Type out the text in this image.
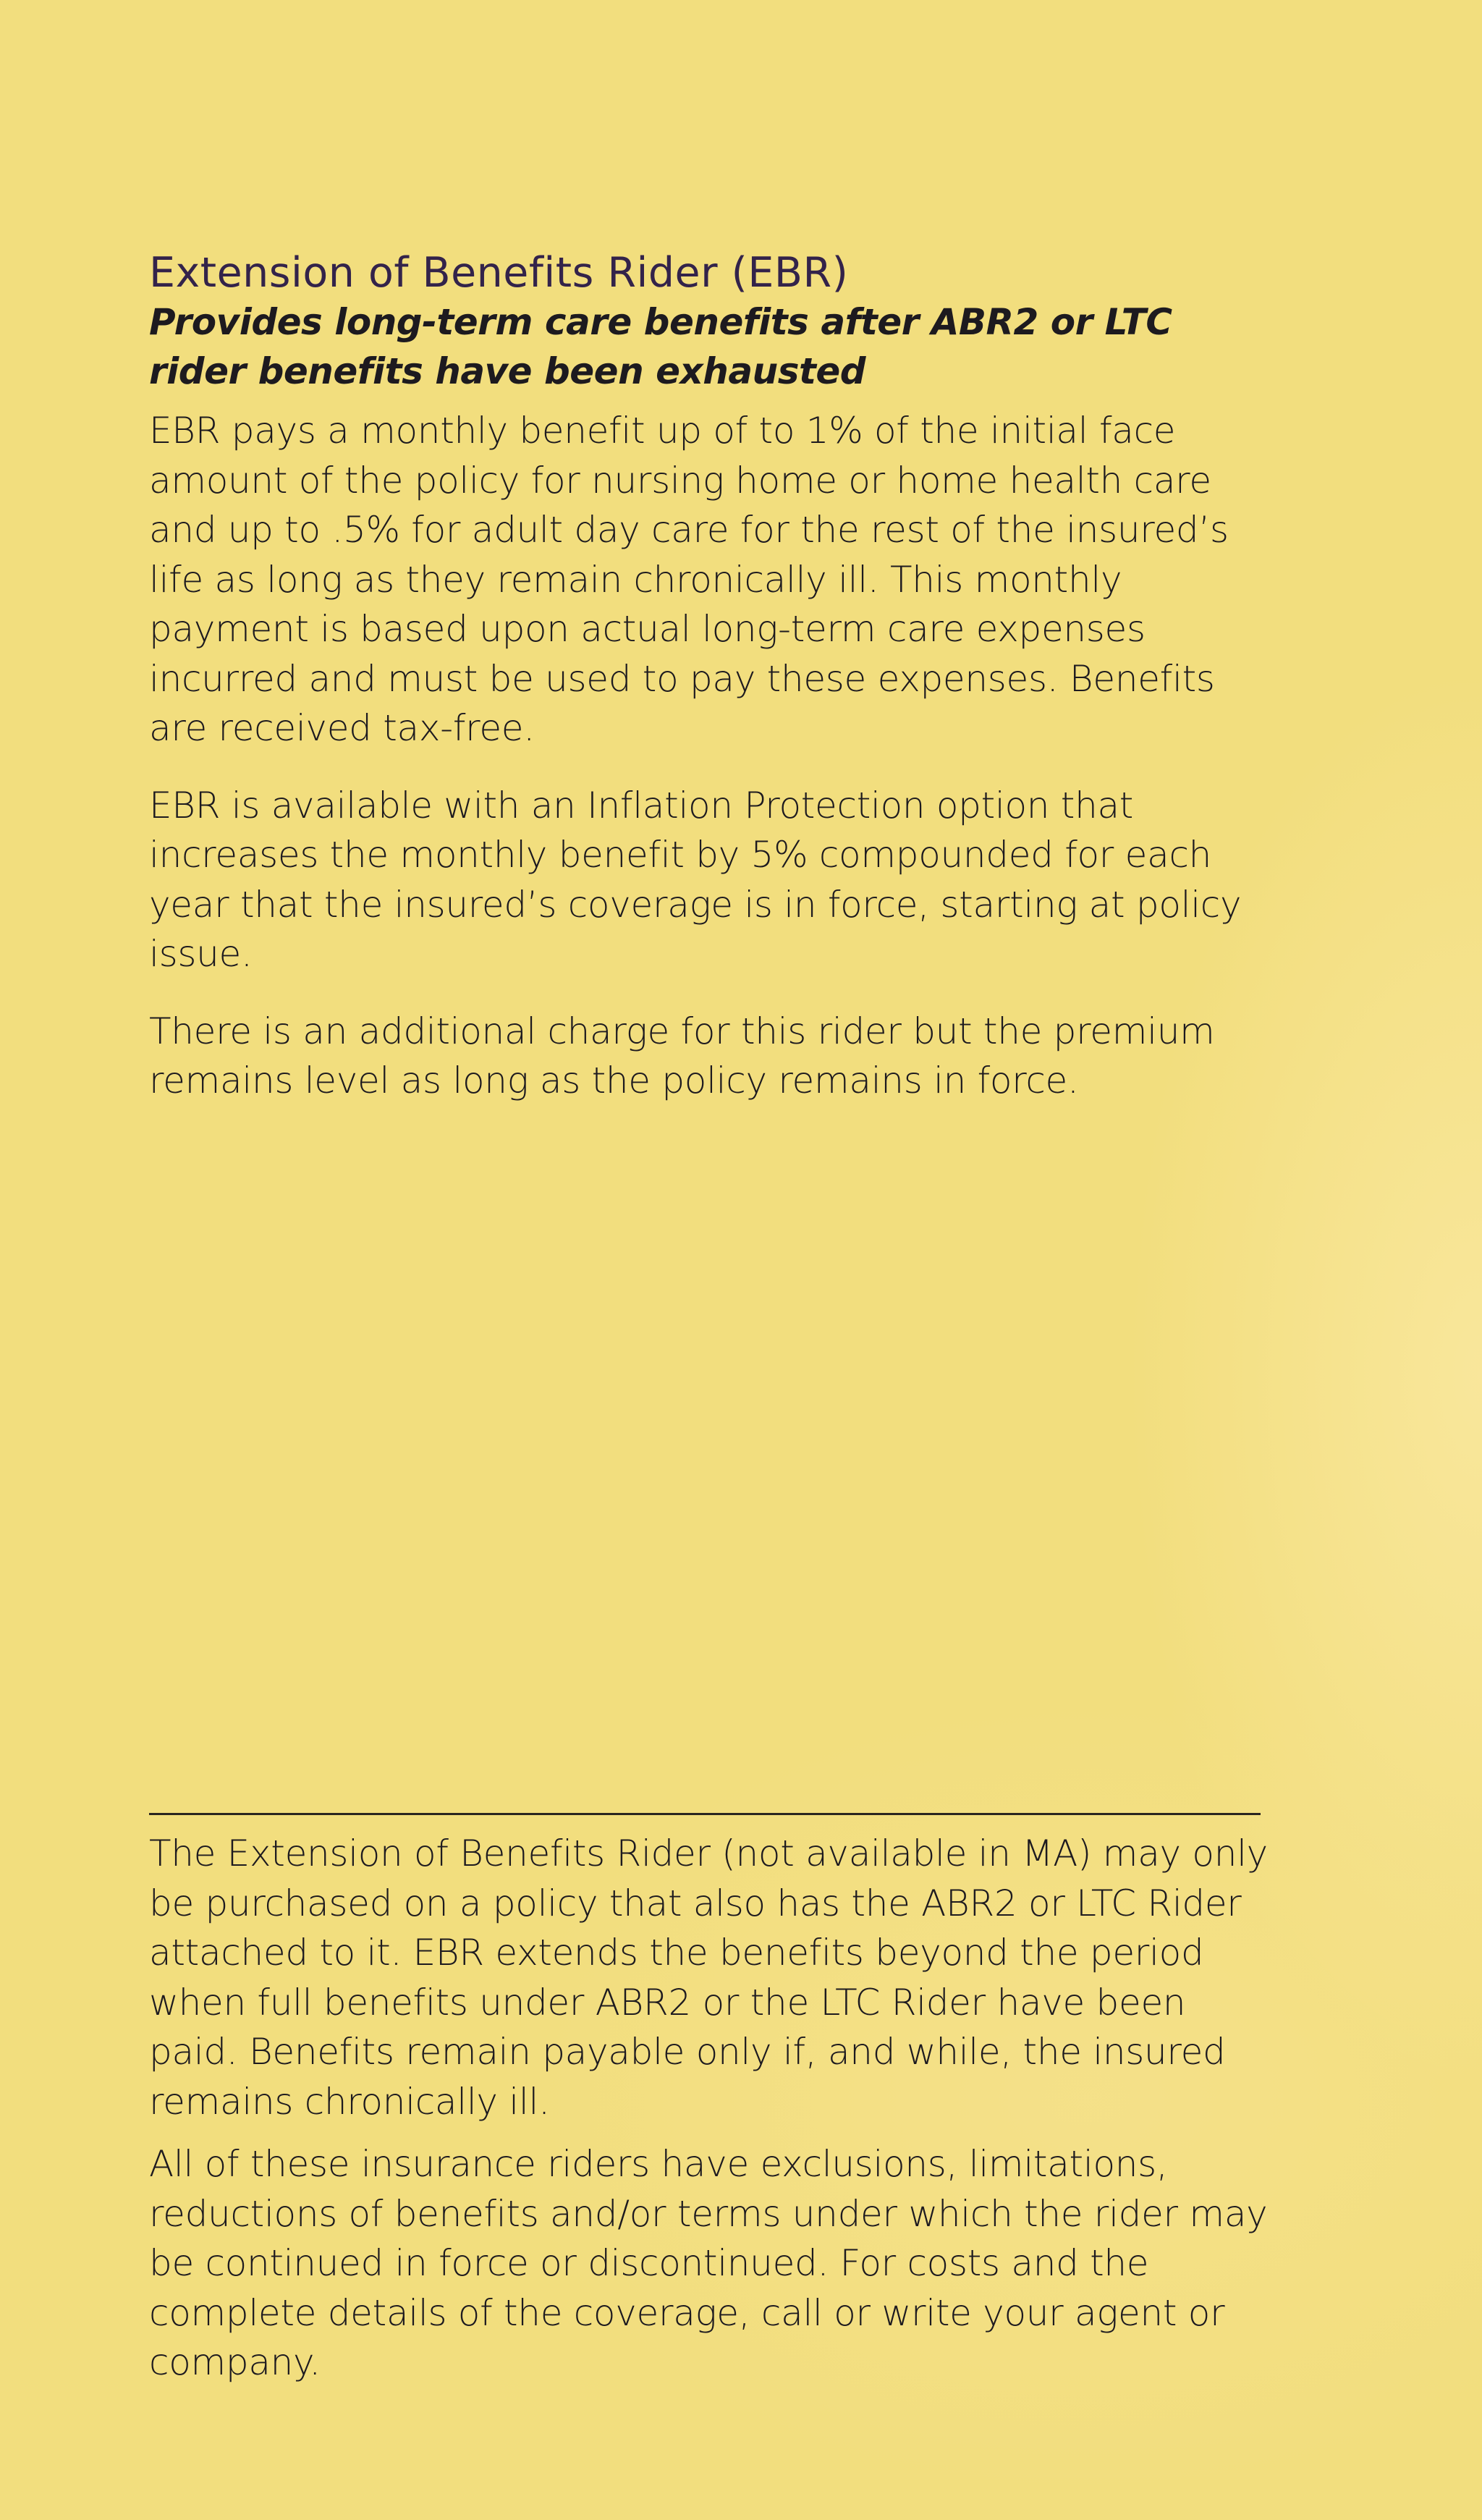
Extension of Benefits Rider (EBR)
Provides long-term care benefits after ABR2 or LTC rider benefits have been exhausted

EBR pays a monthly benefit up of to 1% of the initial face amount of the policy for nursing home or home health care and up to .5% for adult day care for the rest of the insured’s life as long as they remain chronically ill. This monthly payment is based upon actual long-term care expenses incurred and must be used to pay these expenses. Benefits are received tax-free.

EBR is available with an Inflation Protection option that increases the monthly benefit by 5% compounded for each year that the insured’s coverage is in force, starting at policy issue.

There is an additional charge for this rider but the premium remains level as long as the policy remains in force.

The Extension of Benefits Rider (not available in MA) may only be purchased on a policy that also has the ABR2 or LTC Rider attached to it. EBR extends the benefits beyond the period when full benefits under ABR2 or the LTC Rider have been paid. Benefits remain payable only if, and while, the insured remains chronically ill.

All of these insurance riders have exclusions, limitations, reductions of benefits and/or terms under which the rider may be continued in force or discontinued. For costs and the complete details of the coverage, call or write your agent or company.
